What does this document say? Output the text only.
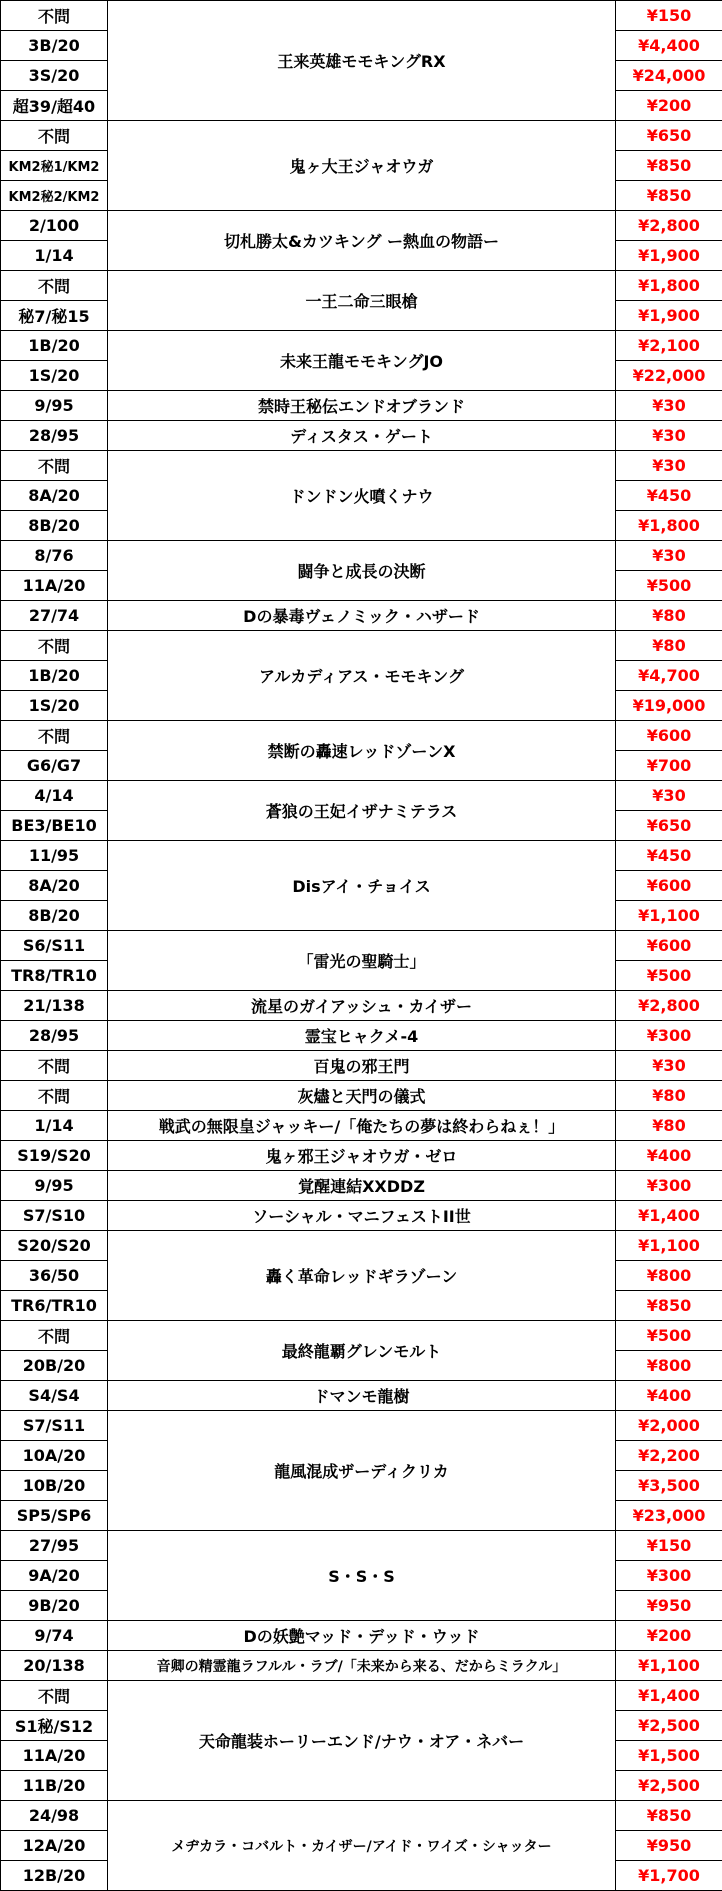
不問	王来英雄モモキングRX	¥150
3B/20		¥4,400
3S/20		¥24,000
超39/超40		¥200
不問	鬼ヶ大王ジャオウガ	¥650
KM2秘1/KM2		¥850
KM2秘2/KM2		¥850
2/100	切札勝太&カツキング ー熱血の物語ー	¥2,800
1/14		¥1,900
不問	一王二命三眼槍	¥1,800
秘7/秘15		¥1,900
1B/20	未来王龍モモキングJO	¥2,100
1S/20		¥22,000
9/95	禁時王秘伝エンドオブランド	¥30
28/95	ディスタス・ゲート	¥30
不問	ドンドン火噴くナウ	¥30
8A/20		¥450
8B/20		¥1,800
8/76	闘争と成長の決断	¥30
11A/20		¥500
27/74	Dの暴毒ヴェノミック・ハザード	¥80
不問	アルカディアス・モモキング	¥80
1B/20		¥4,700
1S/20		¥19,000
不問	禁断の轟速レッドゾーンX	¥600
G6/G7		¥700
4/14	蒼狼の王妃イザナミテラス	¥30
BE3/BE10		¥650
11/95	Disアイ・チョイス	¥450
8A/20		¥600
8B/20		¥1,100
S6/S11	「雷光の聖騎士」	¥600
TR8/TR10		¥500
21/138	流星のガイアッシュ・カイザー	¥2,800
28/95	霊宝ヒャクメ-4	¥300
不問	百鬼の邪王門	¥30
不問	灰燼と天門の儀式	¥80
1/14	戦武の無限皇ジャッキー/「俺たちの夢は終わらねぇ！」	¥80
S19/S20	鬼ヶ邪王ジャオウガ・ゼロ	¥400
9/95	覚醒連結XXDDZ	¥300
S7/S10	ソーシャル・マニフェストII世	¥1,400
S20/S20	轟く革命レッドギラゾーン	¥1,100
36/50		¥800
TR6/TR10		¥850
不問	最終龍覇グレンモルト	¥500
20B/20		¥800
S4/S4	ドマンモ龍樹	¥400
S7/S11	龍風混成ザーディクリカ	¥2,000
10A/20		¥2,200
10B/20		¥3,500
SP5/SP6		¥23,000
27/95	S・S・S	¥150
9A/20		¥300
9B/20		¥950
9/74	Dの妖艶マッド・デッド・ウッド	¥200
20/138	音卿の精霊龍ラフルル・ラブ/「未来から来る、だからミラクル」	¥1,100
不問	天命龍装ホーリーエンド/ナウ・オア・ネバー	¥1,400
S1秘/S12		¥2,500
11A/20		¥1,500
11B/20		¥2,500
24/98	メヂカラ・コバルト・カイザー/アイド・ワイズ・シャッター	¥850
12A/20		¥950
12B/20		¥1,700
